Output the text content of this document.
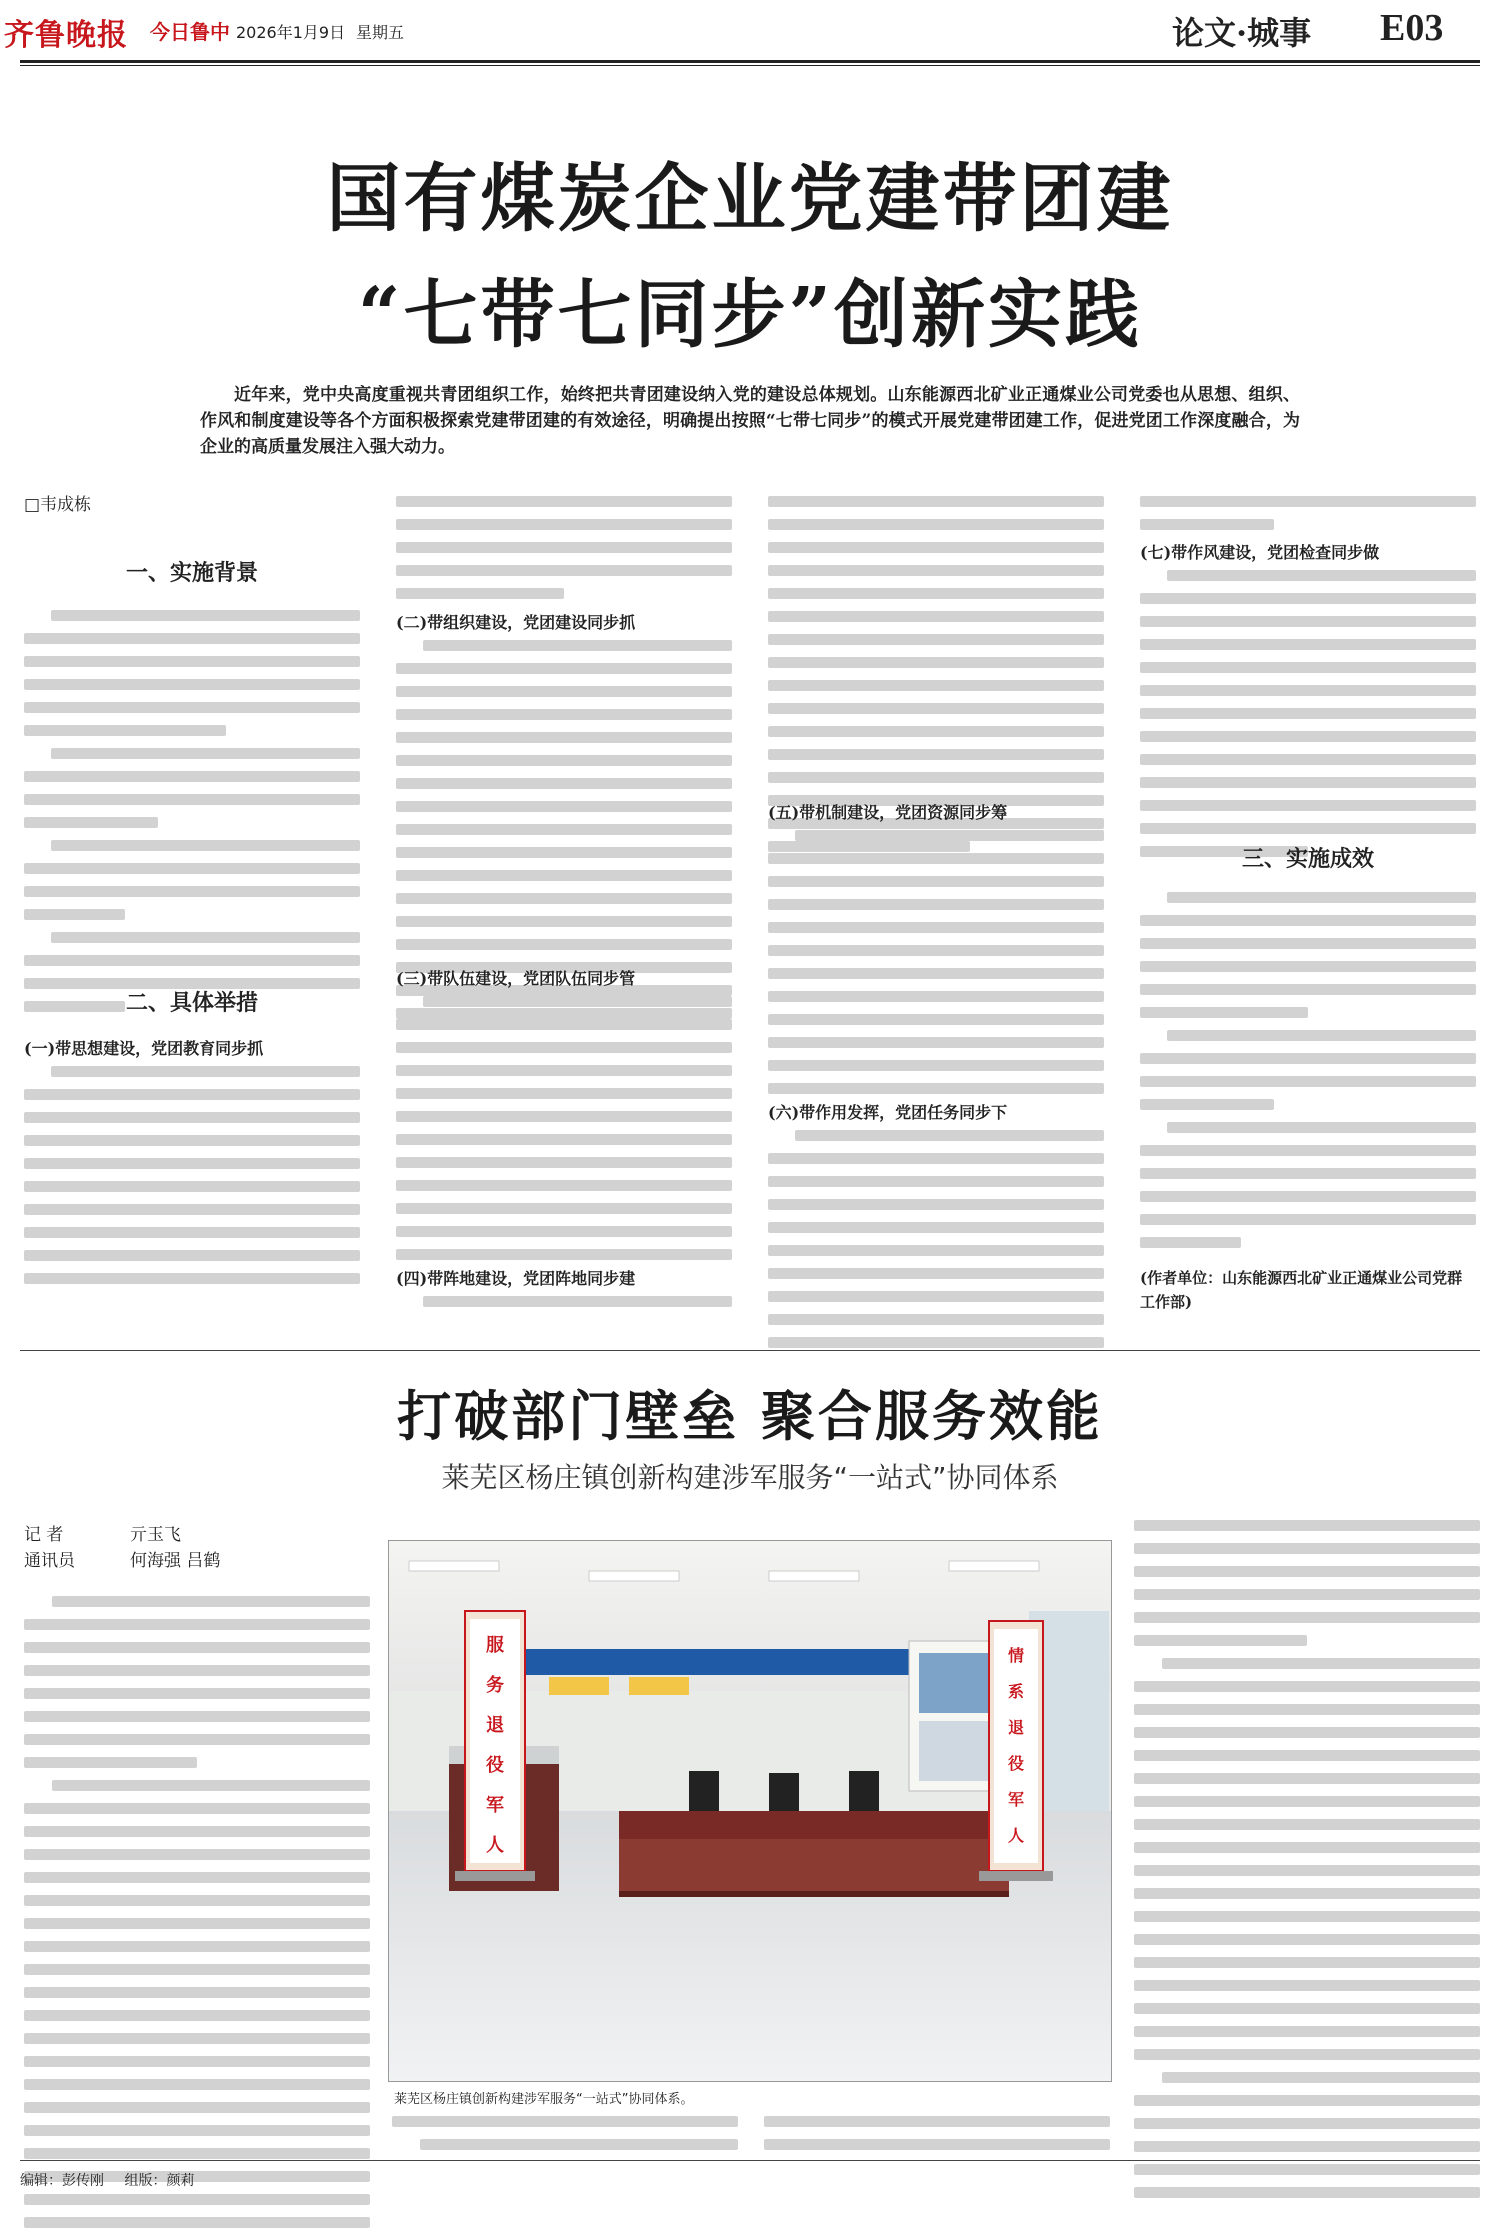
齐鲁晚报 今日鲁中 2026年1月9日 星期五	论文·城事 E03
国有煤炭企业党建带团建
“七带七同步”创新实践
近年来，党中央高度重视共青团组织工作，始终把共青团建设纳入党的建设总体规划。山东能源西北矿业正通煤业公司党委也从思想、组织、作风和制度建设等各个方面积极探索党建带团建的有效途径，明确提出按照“七带七同步”的模式开展党建带团建工作，促进党团工作深度融合，为企业的高质量发展注入强大动力。
□韦成栋
一、实施背景
二、具体举措
(一)带思想建设，党团教育同步抓
(二)带组织建设，党团建设同步抓
(三)带队伍建设，党团队伍同步管
(四)带阵地建设，党团阵地同步建
(五)带机制建设，党团资源同步筹
(六)带作用发挥，党团任务同步下
(七)带作风建设，党团检查同步做
三、实施成效
(作者单位：山东能源西北矿业正通煤业公司党群工作部)
打破部门壁垒 聚合服务效能
莱芜区杨庄镇创新构建涉军服务“一站式”协同体系
记 者	亓玉飞
通讯员	何海强 吕鹤
服
务
退
役
军
人
情
系
退
役
军
人
莱芜区杨庄镇创新构建涉军服务“一站式”协同体系。
编辑：彭传刚 组版：颜莉
